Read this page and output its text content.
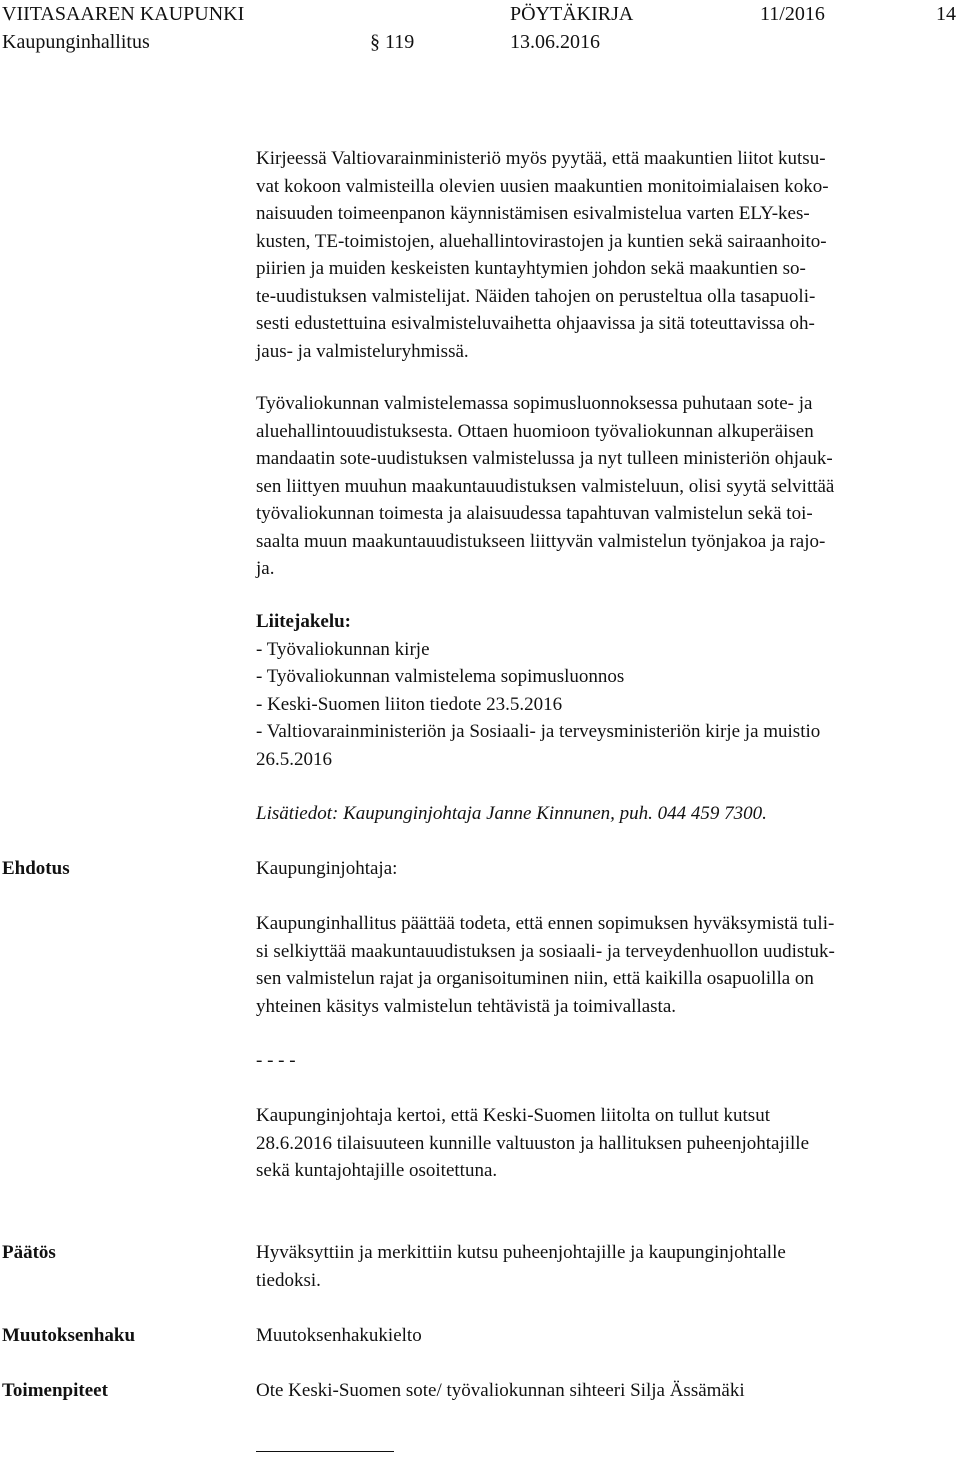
VIITASAAREN KAUPUNKI	PÖYTÄKIRJA	11/2016	14
Kaupunginhallitus	§ 119	13.06.2016
Kirjeessä Valtiovarainministeriö myös pyytää, että maakuntien liitot kutsu-
vat kokoon valmisteilla olevien uusien maakuntien monitoimialaisen koko-
naisuuden toimeenpanon käynnistämisen esivalmistelua varten ELY-kes-
kusten, TE-toimistojen, aluehallintovirastojen ja kuntien sekä sairaanhoito-
piirien ja muiden keskeisten kuntayhtymien johdon sekä maakuntien so-
te-uudistuksen valmistelijat. Näiden tahojen on perusteltua olla tasapuoli-
sesti edustettuina esivalmisteluvaihetta ohjaavissa ja sitä toteuttavissa oh-
jaus- ja valmisteluryhmissä.
Työvaliokunnan valmistelemassa sopimusluonnoksessa puhutaan sote- ja
aluehallintouudistuksesta. Ottaen huomioon työvaliokunnan alkuperäisen
mandaatin sote-uudistuksen valmistelussa ja nyt tulleen ministeriön ohjauk-
sen liittyen muuhun maakuntauudistuksen valmisteluun, olisi syytä selvittää
työvaliokunnan toimesta ja alaisuudessa tapahtuvan valmistelun sekä toi-
saalta muun maakuntauudistukseen liittyvän valmistelun työnjakoa ja rajo-
ja.
Liitejakelu:
- Työvaliokunnan kirje
- Työvaliokunnan valmistelema sopimusluonnos
- Keski-Suomen liiton tiedote 23.5.2016
- Valtiovarainministeriön ja Sosiaali- ja terveysministeriön kirje ja muistio
26.5.2016
Lisätiedot: Kaupunginjohtaja Janne Kinnunen, puh. 044 459 7300.
Ehdotus	Kaupunginjohtaja:
Kaupunginhallitus päättää todeta, että ennen sopimuksen hyväksymistä tuli-
si selkiyttää maakuntauudistuksen ja sosiaali- ja terveydenhuollon uudistuk-
sen valmistelun rajat ja organisoituminen niin, että kaikilla osapuolilla on
yhteinen käsitys valmistelun tehtävistä ja toimivallasta.
- - - -
Kaupunginjohtaja kertoi, että Keski-Suomen liitolta on tullut kutsut
28.6.2016 tilaisuuteen kunnille valtuuston ja hallituksen puheenjohtajille
sekä kuntajohtajille osoitettuna.
Päätös	Hyväksyttiin ja merkittiin kutsu puheenjohtajille ja kaupunginjohtalle
tiedoksi.
Muutoksenhaku	Muutoksenhakukielto
Toimenpiteet	Ote Keski-Suomen sote/ työvaliokunnan sihteeri Silja Ässämäki
